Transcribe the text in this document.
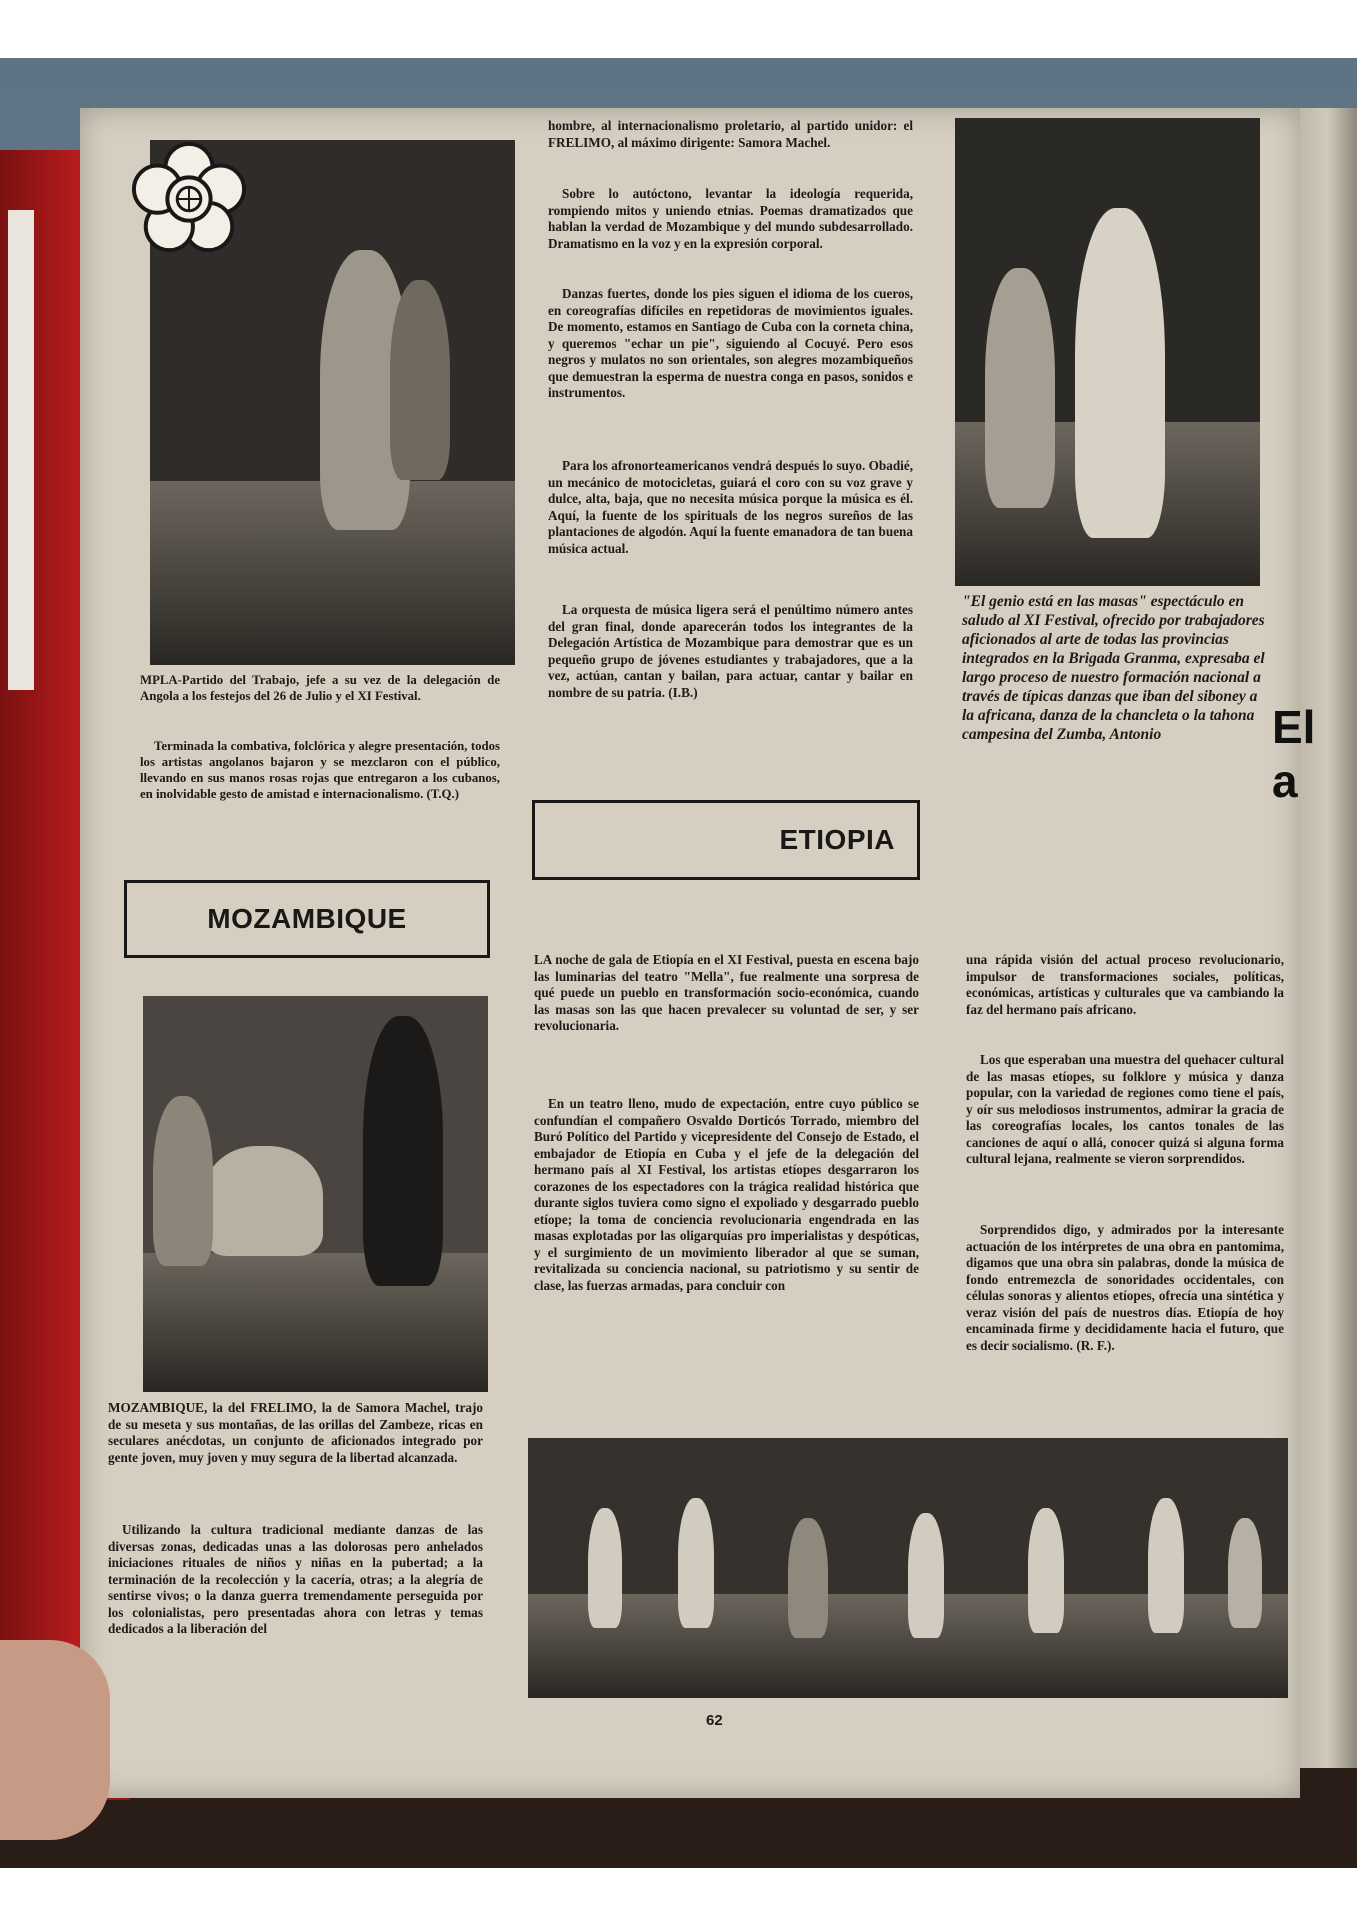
MPLA-Partido del Trabajo, jefe a su vez de la delegación de Angola a los festejos del 26 de Julio y el XI Festival.

Terminada la combativa, folclórica y alegre presentación, todos los artistas angolanos bajaron y se mezclaron con el público, llevando en sus manos rosas rojas que entregaron a los cubanos, en inolvidable gesto de amistad e internacionalismo. (T.Q.)

MOZAMBIQUE

MOZAMBIQUE, la del FRELIMO, la de Samora Machel, trajo de su meseta y sus montañas, de las orillas del Zambeze, ricas en seculares anécdotas, un conjunto de aficionados integrado por gente joven, muy joven y muy segura de la libertad alcanzada.

Utilizando la cultura tradicional mediante danzas de las diversas zonas, dedicadas unas a las dolorosas pero anhelados iniciaciones rituales de niños y niñas en la pubertad; a la terminación de la recolección y la cacería, otras; a la alegría de sentirse vivos; o la danza guerra tremendamente perseguida por los colonialistas, pero presentadas ahora con letras y temas dedicados a la liberación del

hombre, al internacionalismo proletario, al partido unidor: el FRELIMO, al máximo dirigente: Samora Machel.

Sobre lo autóctono, levantar la ideología requerida, rompiendo mitos y uniendo etnias. Poemas dramatizados que hablan la verdad de Mozambique y del mundo subdesarrollado. Dramatismo en la voz y en la expresión corporal.

Danzas fuertes, donde los pies siguen el idioma de los cueros, en coreografías difíciles en repetidoras de movimientos iguales. De momento, estamos en Santiago de Cuba con la corneta china, y queremos "echar un pie", siguiendo al Cocuyé. Pero esos negros y mulatos no son orientales, son alegres mozambiqueños que demuestran la esperma de nuestra conga en pasos, sonidos e instrumentos.

Para los afronorteamericanos vendrá después lo suyo. Obadié, un mecánico de motocicletas, guiará el coro con su voz grave y dulce, alta, baja, que no necesita música porque la música es él. Aquí, la fuente de los spirituals de los negros sureños de las plantaciones de algodón. Aquí la fuente emanadora de tan buena música actual.

La orquesta de música ligera será el penúltimo número antes del gran final, donde aparecerán todos los integrantes de la Delegación Artística de Mozambique para demostrar que es un pequeño grupo de jóvenes estudiantes y trabajadores, que a la vez, actúan, cantan y bailan, para actuar, cantar y bailar en nombre de su patria. (I.B.)

ETIOPIA

"El genio está en las masas" espectáculo en saludo al XI Festival, ofrecido por trabajadores aficionados al arte de todas las provincias integrados en la Brigada Granma, expresaba el largo proceso de nuestro formación nacional a través de típicas danzas que iban del siboney a la africana, danza de la chancleta o la tahona campesina del Zumba, Antonio	El a

LA noche de gala de Etiopía en el XI Festival, puesta en escena bajo las luminarias del teatro "Mella", fue realmente una sorpresa de qué puede un pueblo en transformación socio-económica, cuando las masas son las que hacen prevalecer su voluntad de ser, y ser revolucionaria.

En un teatro lleno, mudo de expectación, entre cuyo público se confundían el compañero Osvaldo Dorticós Torrado, miembro del Buró Político del Partido y vicepresidente del Consejo de Estado, el embajador de Etiopía en Cuba y el jefe de la delegación del hermano país al XI Festival, los artistas etíopes desgarraron los corazones de los espectadores con la trágica realidad histórica que durante siglos tuviera como signo el expoliado y desgarrado pueblo etíope; la toma de conciencia revolucionaria engendrada en las masas explotadas por las oligarquías pro imperialistas y despóticas, y el surgimiento de un movimiento liberador al que se suman, revitalizada su conciencia nacional, su patriotismo y su sentir de clase, las fuerzas armadas, para concluir con

una rápida visión del actual proceso revolucionario, impulsor de transformaciones sociales, políticas, económicas, artísticas y culturales que va cambiando la faz del hermano país africano.

Los que esperaban una muestra del quehacer cultural de las masas etíopes, su folklore y música y danza popular, con la variedad de regiones como tiene el país, y oír sus melodiosos instrumentos, admirar la gracia de las coreografías locales, los cantos tonales de las canciones de aquí o allá, conocer quizá si alguna forma cultural lejana, realmente se vieron sorprendidos.

Sorprendidos digo, y admirados por la interesante actuación de los intérpretes de una obra en pantomima, digamos que una obra sin palabras, donde la música de fondo entremezcla de sonoridades occidentales, con células sonoras y alientos etíopes, ofrecía una sintética y veraz visión del país de nuestros días. Etiopía de hoy encaminada firme y decididamente hacia el futuro, que es decir socialismo. (R. F.).

62
